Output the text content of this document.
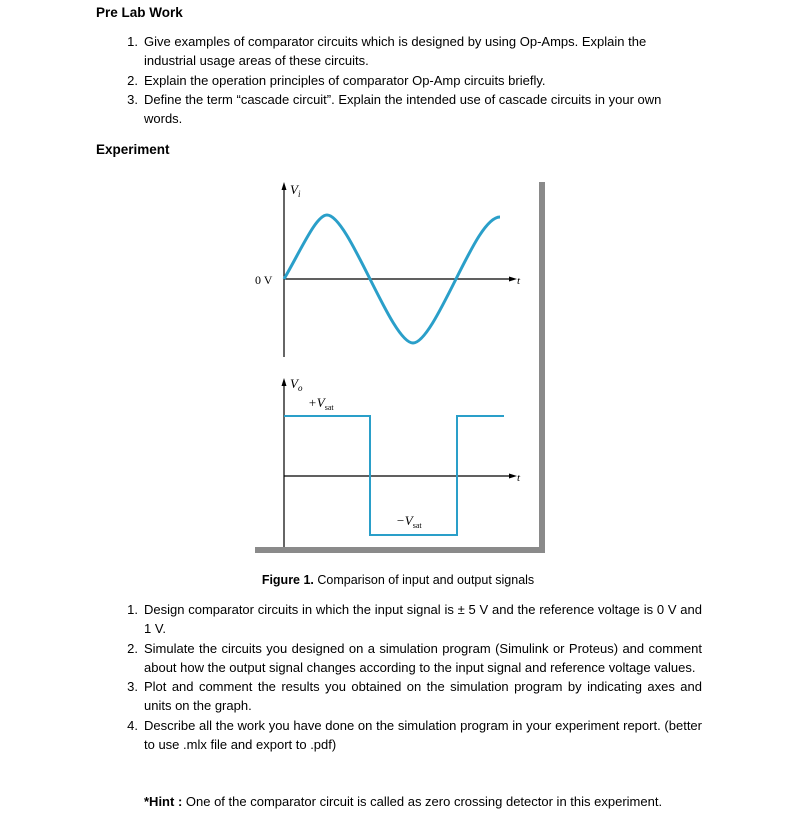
Pre Lab Work
1. Give examples of comparator circuits which is designed by using Op-Amps. Explain the industrial usage areas of these circuits.
2. Explain the operation principles of comparator Op-Amp circuits briefly.
3. Define the term “cascade circuit”. Explain the intended use of cascade circuits in your own words.
Experiment
$V_i$
0 V	t
$V_o$
$+V_{sat}$
$-V_{sat}$
t
Figure 1. Comparison of input and output signals
1. Design comparator circuits in which the input signal is ± 5 V and the reference voltage is 0 V and 1 V.
2. Simulate the circuits you designed on a simulation program (Simulink or Proteus) and comment about how the output signal changes according to the input signal and reference voltage values.
3. Plot and comment the results you obtained on the simulation program by indicating axes and units on the graph.
4. Describe all the work you have done on the simulation program in your experiment report. (better to use .mlx file and export to .pdf)
*Hint : One of the comparator circuit is called as zero crossing detector in this experiment.
